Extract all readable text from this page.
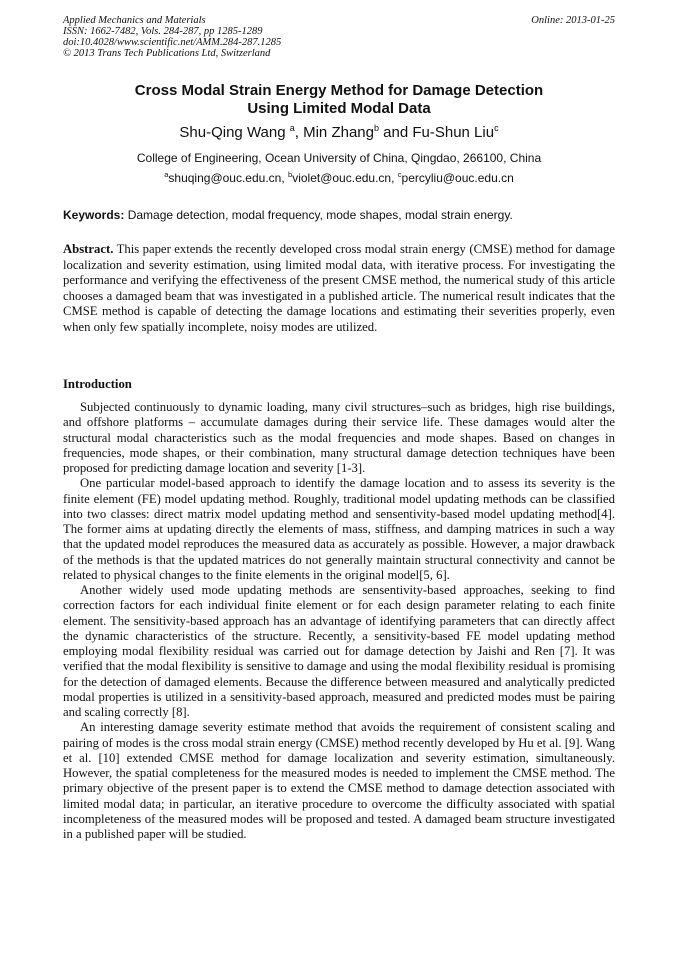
Applied Mechanics and Materials
ISSN: 1662-7482, Vols. 284-287, pp 1285-1289
doi:10.4028/www.scientific.net/AMM.284-287.1285
© 2013 Trans Tech Publications Ltd, Switzerland
Online: 2013-01-25
Cross Modal Strain Energy Method for Damage Detection
Using Limited Modal Data
Shu-Qing Wang $^a$, Min Zhang$^b$ and Fu-Shun Liu$^c$
College of Engineering, Ocean University of China, Qingdao, 266100, China
$^a$shuqing@ouc.edu.cn, $^b$violet@ouc.edu.cn, $^c$percyliu@ouc.edu.cn
Keywords: Damage detection, modal frequency, mode shapes, modal strain energy.
Abstract. This paper extends the recently developed cross modal strain energy (CMSE) method for damage localization and severity estimation, using limited modal data, with iterative process. For investigating the performance and verifying the effectiveness of the present CMSE method, the numerical study of this article chooses a damaged beam that was investigated in a published article. The numerical result indicates that the CMSE method is capable of detecting the damage locations and estimating their severities properly, even when only few spatially incomplete, noisy modes are utilized.
Introduction

Subjected continuously to dynamic loading, many civil structures–such as bridges, high rise buildings, and offshore platforms – accumulate damages during their service life. These damages would alter the structural modal characteristics such as the modal frequencies and mode shapes. Based on changes in frequencies, mode shapes, or their combination, many structural damage detection techniques have been proposed for predicting damage location and severity [1-3].

One particular model-based approach to identify the damage location and to assess its severity is the finite element (FE) model updating method. Roughly, traditional model updating methods can be classified into two classes: direct matrix model updating method and sensentivity-based model updating method[4]. The former aims at updating directly the elements of mass, stiffness, and damping matrices in such a way that the updated model reproduces the measured data as accurately as possible. However, a major drawback of the methods is that the updated matrices do not generally maintain structural connectivity and cannot be related to physical changes to the finite elements in the original model[5, 6].

Another widely used mode updating methods are sensentivity-based approaches, seeking to find correction factors for each individual finite element or for each design parameter relating to each finite element. The sensitivity-based approach has an advantage of identifying parameters that can directly affect the dynamic characteristics of the structure. Recently, a sensitivity-based FE model updating method employing modal flexibility residual was carried out for damage detection by Jaishi and Ren [7]. It was verified that the modal flexibility is sensitive to damage and using the modal flexibility residual is promising for the detection of damaged elements. Because the difference between measured and analytically predicted modal properties is utilized in a sensitivity-based approach, measured and predicted modes must be pairing and scaling correctly [8].

An interesting damage severity estimate method that avoids the requirement of consistent scaling and pairing of modes is the cross modal strain energy (CMSE) method recently developed by Hu et al. [9]. Wang et al. [10] extended CMSE method for damage localization and severity estimation, simultaneously. However, the spatial completeness for the measured modes is needed to implement the CMSE method. The primary objective of the present paper is to extend the CMSE method to damage detection associated with limited modal data; in particular, an iterative procedure to overcome the difficulty associated with spatial incompleteness of the measured modes will be proposed and tested. A damaged beam structure investigated in a published paper will be studied.
